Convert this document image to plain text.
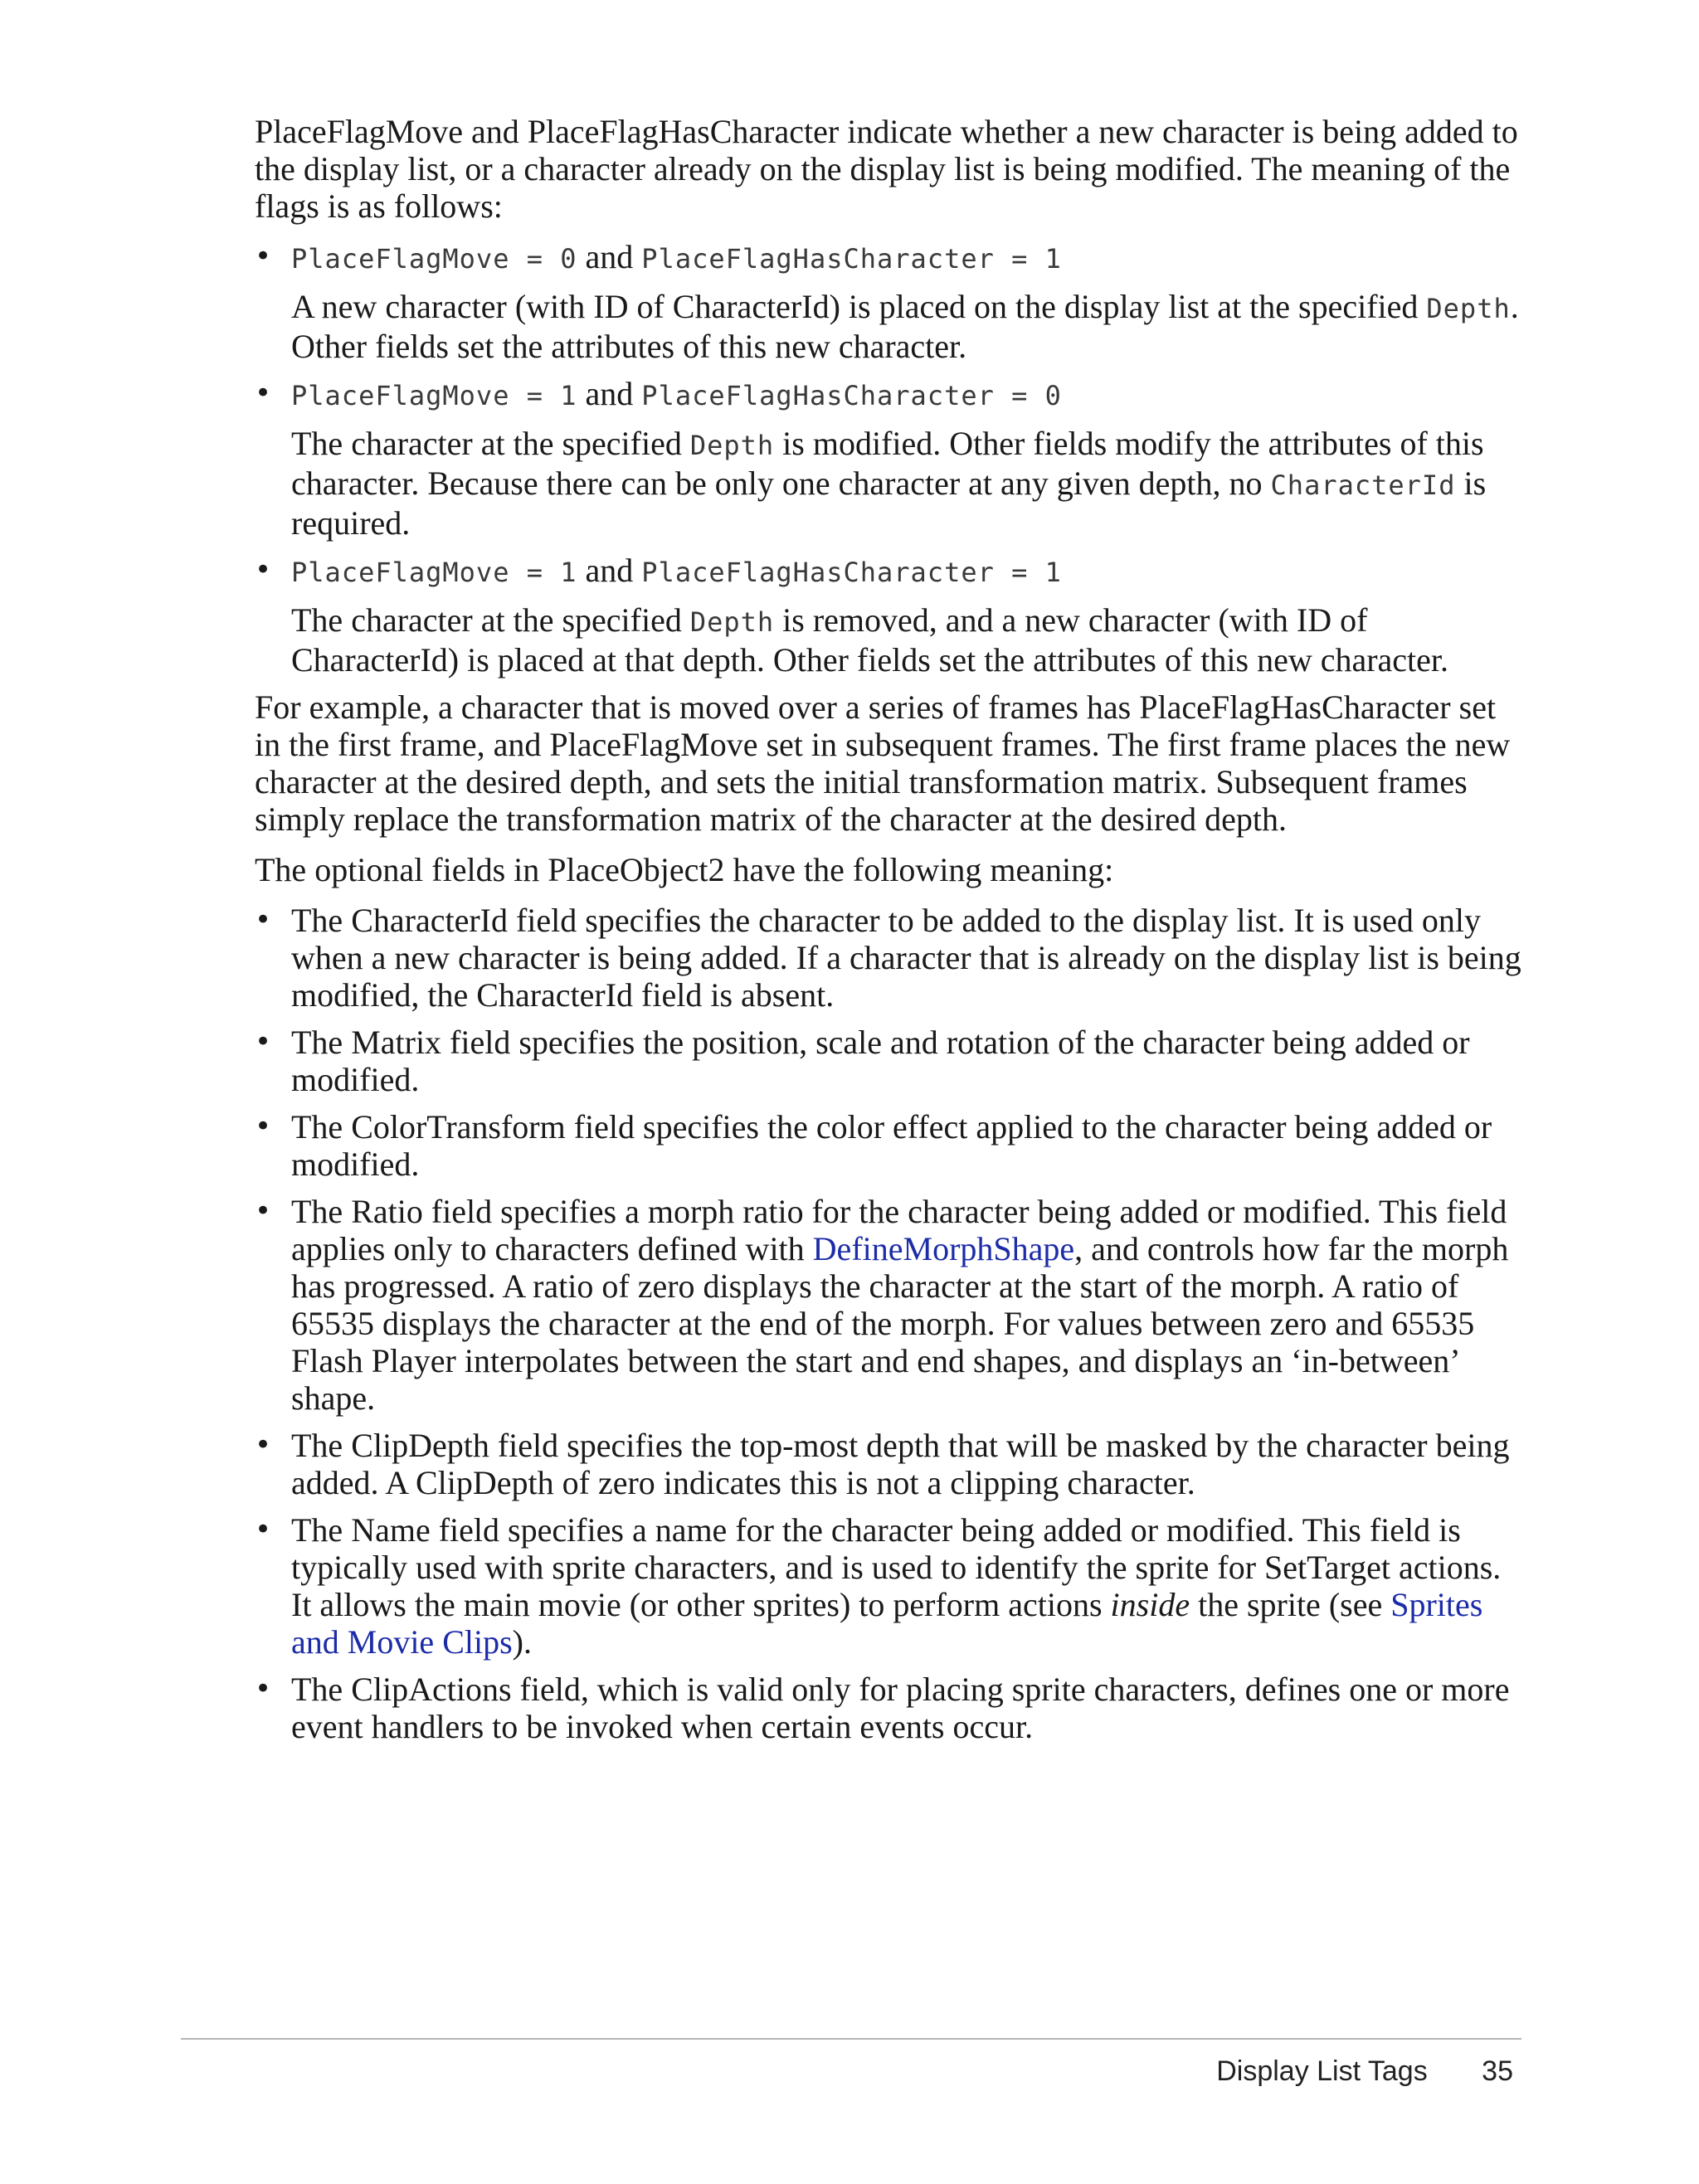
PlaceFlagMove and PlaceFlagHasCharacter indicate whether a new character is being added to the display list, or a character already on the display list is being modified. The meaning of the flags is as follows:

• PlaceFlagMove = 0 and PlaceFlagHasCharacter = 1

A new character (with ID of CharacterId) is placed on the display list at the specified Depth. Other fields set the attributes of this new character.

• PlaceFlagMove = 1 and PlaceFlagHasCharacter = 0

The character at the specified Depth is modified. Other fields modify the attributes of this character. Because there can be only one character at any given depth, no CharacterId is required.

• PlaceFlagMove = 1 and PlaceFlagHasCharacter = 1

The character at the specified Depth is removed, and a new character (with ID of CharacterId) is placed at that depth. Other fields set the attributes of this new character.

For example, a character that is moved over a series of frames has PlaceFlagHasCharacter set in the first frame, and PlaceFlagMove set in subsequent frames. The first frame places the new character at the desired depth, and sets the initial transformation matrix. Subsequent frames simply replace the transformation matrix of the character at the desired depth.

The optional fields in PlaceObject2 have the following meaning:

• The CharacterId field specifies the character to be added to the display list. It is used only when a new character is being added. If a character that is already on the display list is being modified, the CharacterId field is absent.
• The Matrix field specifies the position, scale and rotation of the character being added or modified.
• The ColorTransform field specifies the color effect applied to the character being added or modified.
• The Ratio field specifies a morph ratio for the character being added or modified. This field applies only to characters defined with DefineMorphShape, and controls how far the morph has progressed. A ratio of zero displays the character at the start of the morph. A ratio of 65535 displays the character at the end of the morph. For values between zero and 65535 Flash Player interpolates between the start and end shapes, and displays an ‘in-between’ shape.
• The ClipDepth field specifies the top-most depth that will be masked by the character being added. A ClipDepth of zero indicates this is not a clipping character.
• The Name field specifies a name for the character being added or modified. This field is typically used with sprite characters, and is used to identify the sprite for SetTarget actions. It allows the main movie (or other sprites) to perform actions inside the sprite (see Sprites and Movie Clips).
• The ClipActions field, which is valid only for placing sprite characters, defines one or more event handlers to be invoked when certain events occur.
Display List Tags 35
